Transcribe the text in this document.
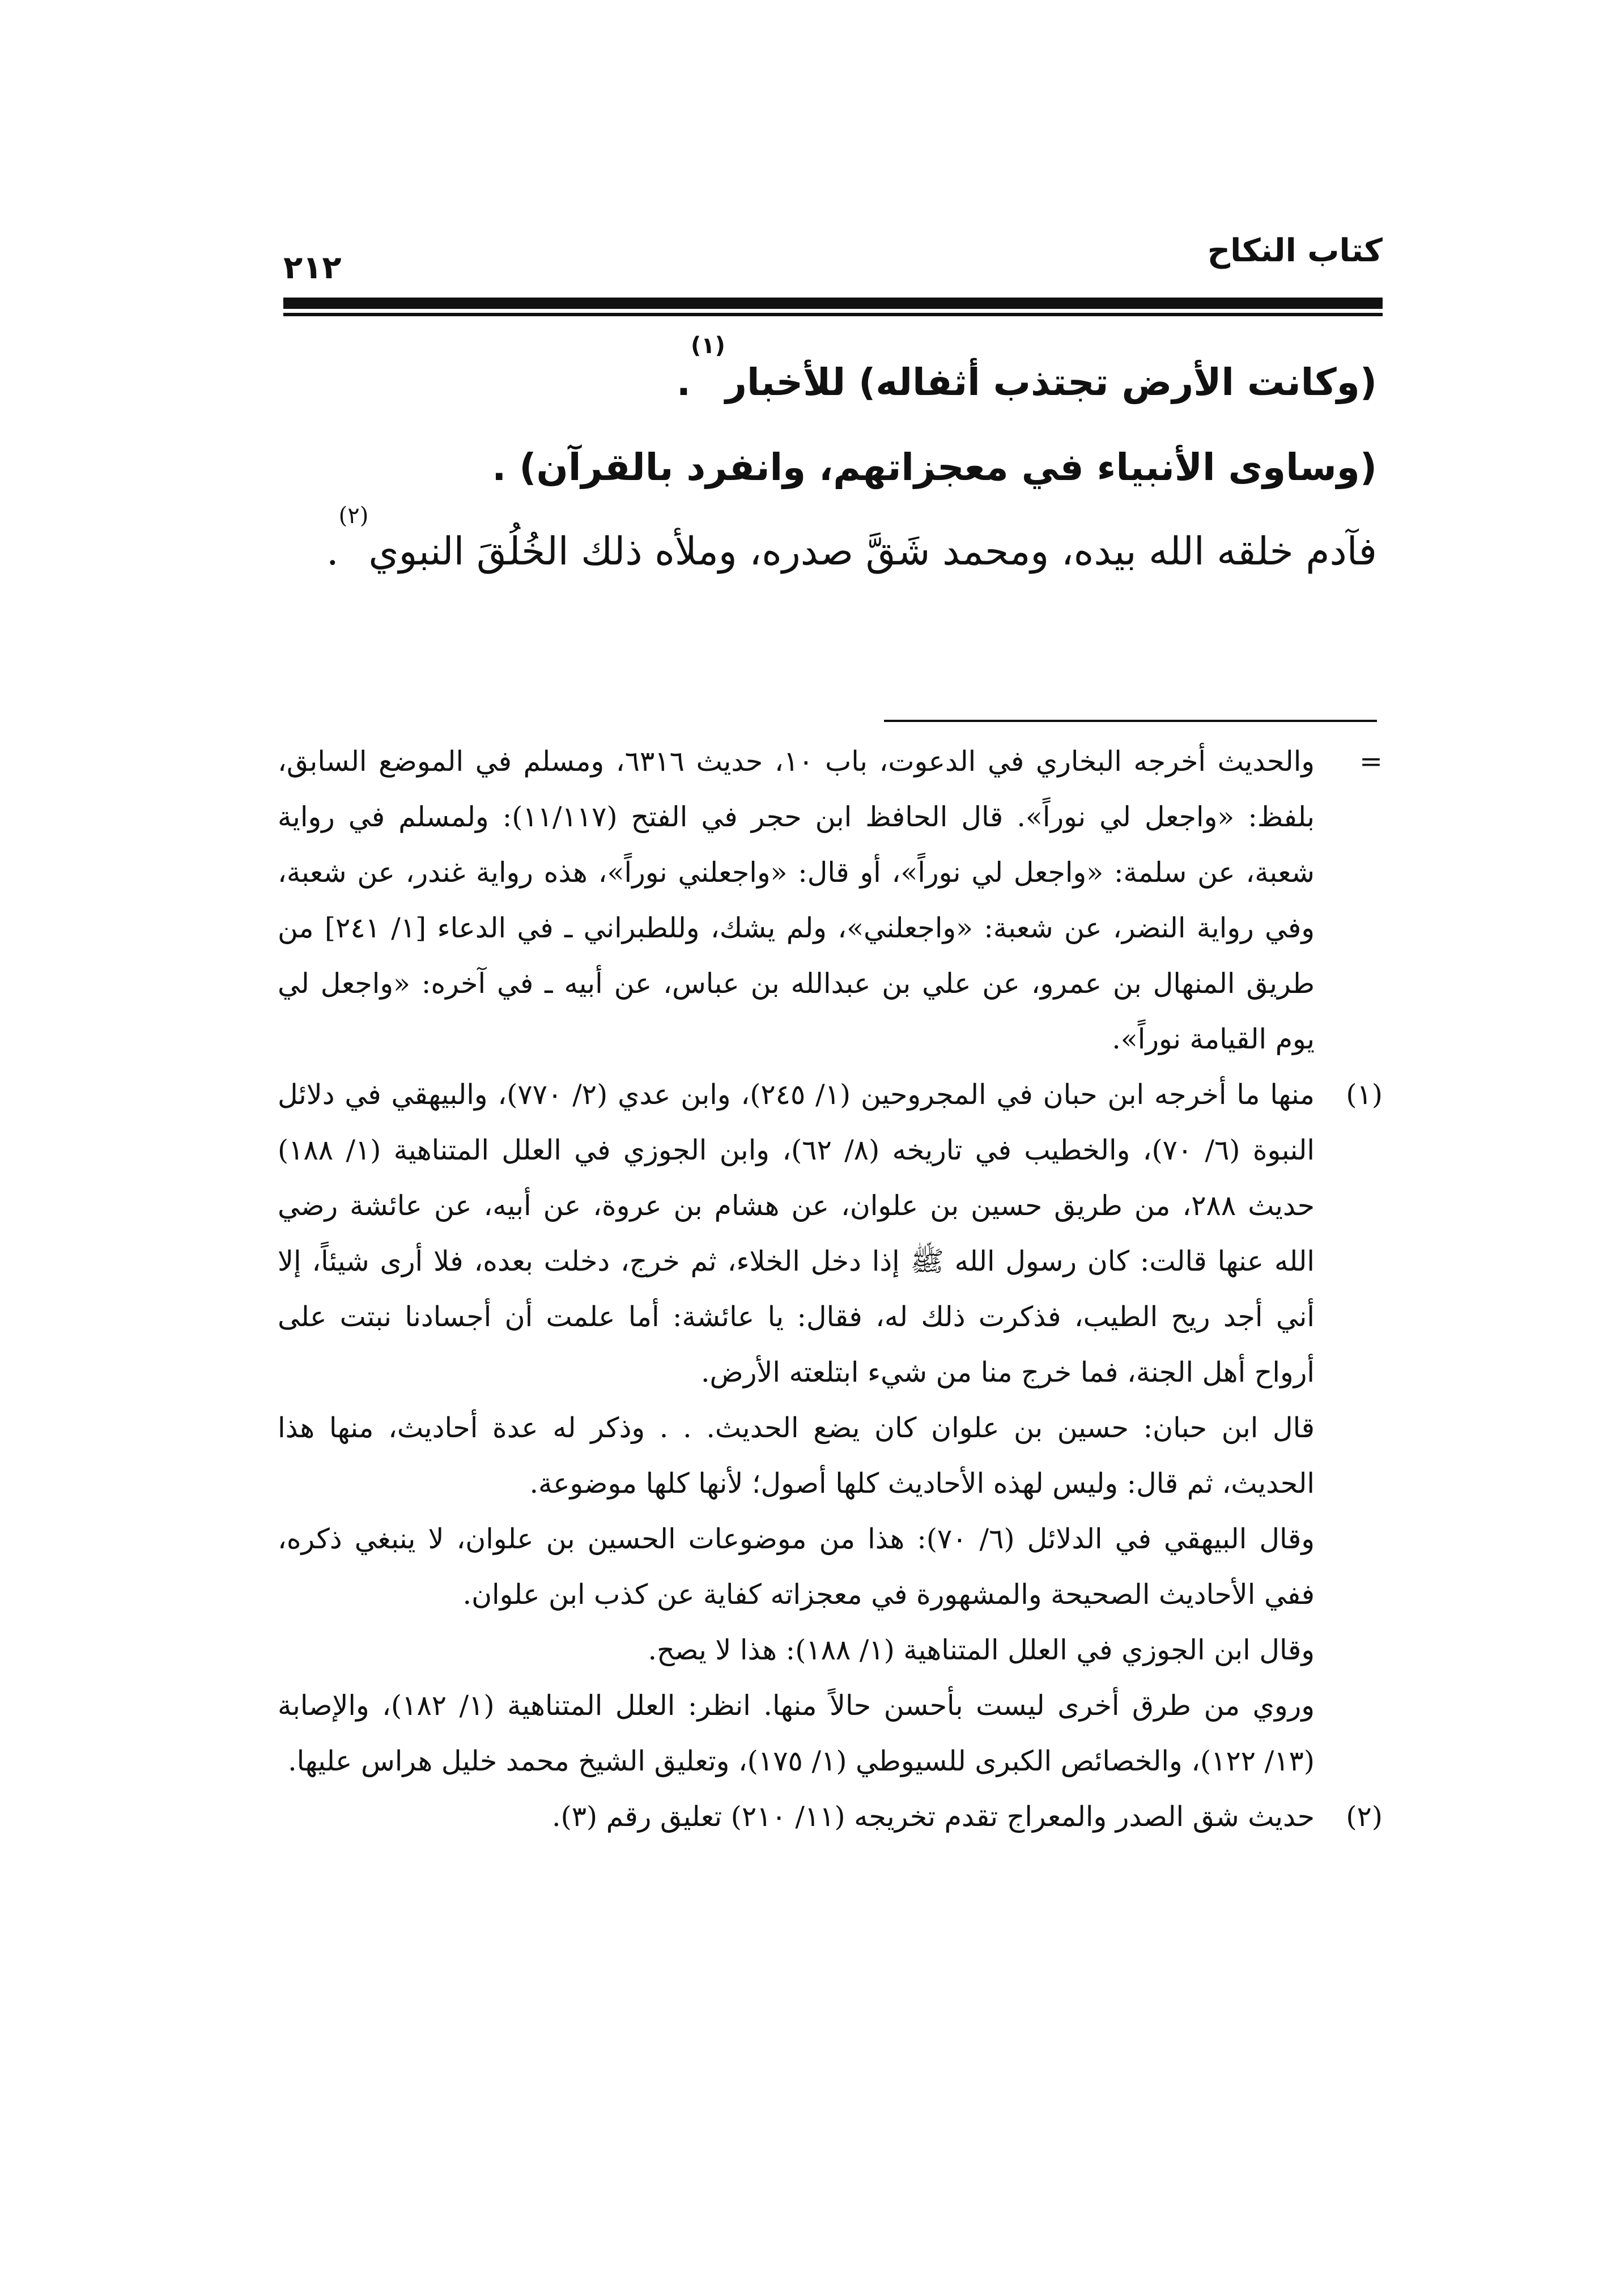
كتاب النكاح
٢١٢

(وكانت الأرض تجتذب أثفاله) للأخبار$^{(١)}$.

(وساوى الأنبياء في معجزاتهم، وانفرد بالقرآن) .

فآدم خلقه الله بيده، ومحمد شَقَّ صدره، وملأه ذلك الخُلُقَ النبوي$^{(٢)}$.

=

والحديث أخرجه البخاري في الدعوت، باب ١٠، حديث ٦٣١٦، ومسلم في الموضع السابق، بلفظ: «واجعل لي نوراً». قال الحافظ ابن حجر في الفتح (١١/١١٧): ولمسلم في رواية شعبة، عن سلمة: «واجعل لي نوراً»، أو قال: «واجعلني نوراً»، هذه رواية غندر، عن شعبة، وفي رواية النضر، عن شعبة: «واجعلني»، ولم يشك، وللطبراني ـ في الدعاء [١/ ٢٤١] من طريق المنهال بن عمرو، عن علي بن عبدالله بن عباس، عن أبيه ـ في آخره: «واجعل لي يوم القيامة نوراً».

(١)

منها ما أخرجه ابن حبان في المجروحين (١/ ٢٤٥)، وابن عدي (٢/ ٧٧٠)، والبيهقي في دلائل النبوة (٦/ ٧٠)، والخطيب في تاريخه (٨/ ٦٢)، وابن الجوزي في العلل المتناهية (١/ ١٨٨) حديث ٢٨٨، من طريق حسين بن علوان، عن هشام بن عروة، عن أبيه، عن عائشة رضي الله عنها قالت: كان رسول الله ﷺ إذا دخل الخلاء، ثم خرج، دخلت بعده، فلا أرى شيئاً، إلا أني أجد ريح الطيب، فذكرت ذلك له، فقال: يا عائشة: أما علمت أن أجسادنا نبتت على أرواح أهل الجنة، فما خرج منا من شيء ابتلعته الأرض.

قال ابن حبان: حسين بن علوان كان يضع الحديث. . . وذكر له عدة أحاديث، منها هذا الحديث، ثم قال: وليس لهذه الأحاديث كلها أصول؛ لأنها كلها موضوعة.

وقال البيهقي في الدلائل (٦/ ٧٠): هذا من موضوعات الحسين بن علوان، لا ينبغي ذكره، ففي الأحاديث الصحيحة والمشهورة في معجزاته كفاية عن كذب ابن علوان.

وقال ابن الجوزي في العلل المتناهية (١/ ١٨٨): هذا لا يصح.

وروي من طرق أخرى ليست بأحسن حالاً منها. انظر: العلل المتناهية (١/ ١٨٢)، والإصابة (١٣/ ١٢٢)، والخصائص الكبرى للسيوطي (١/ ١٧٥)، وتعليق الشيخ محمد خليل هراس عليها.

(٢)

حديث شق الصدر والمعراج تقدم تخريجه (١١/ ٢١٠) تعليق رقم (٣).
